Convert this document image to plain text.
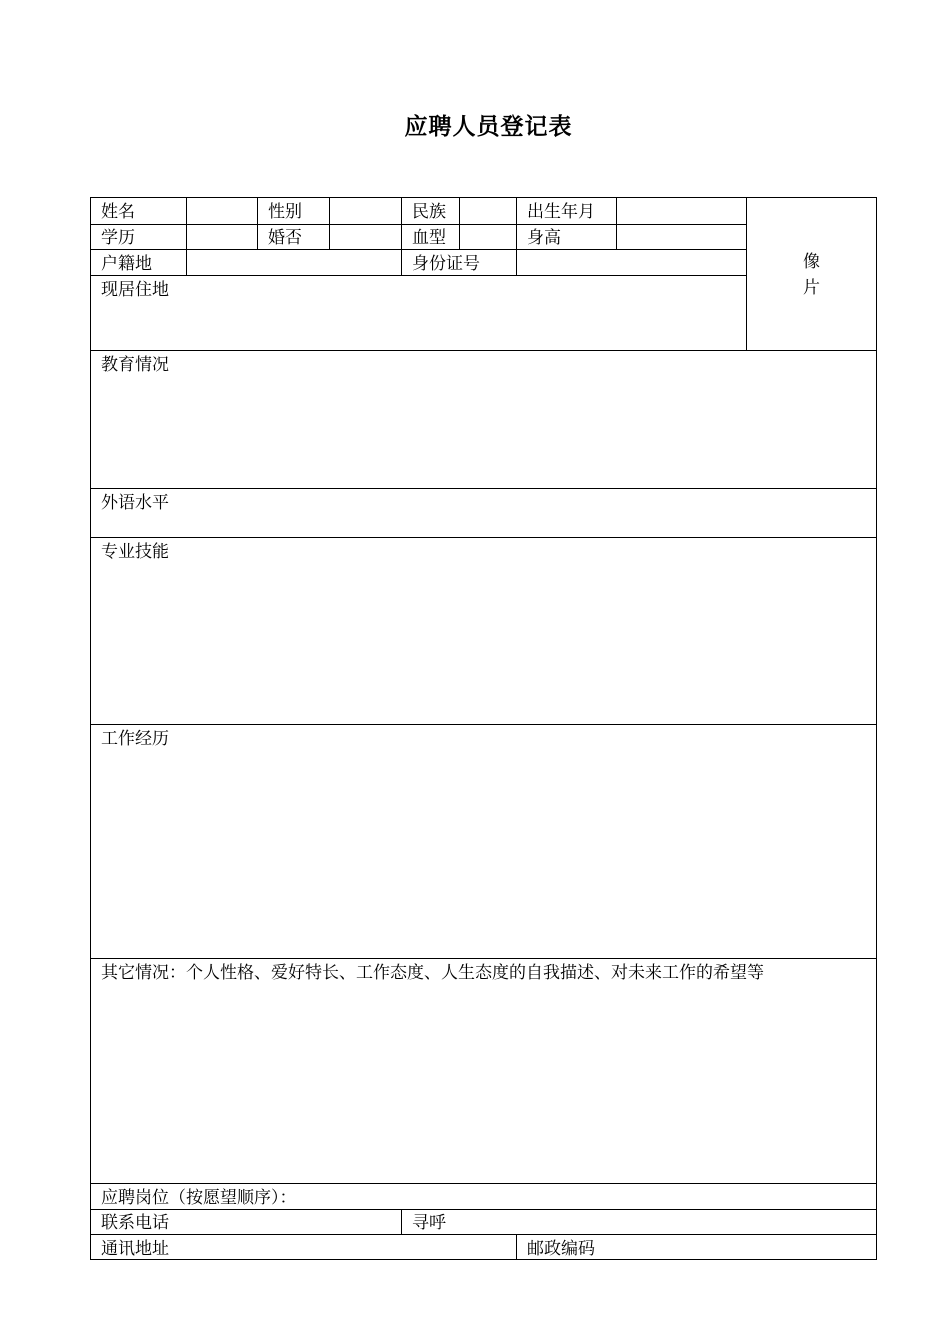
应聘人员登记表
姓名	性别	民族	出生年月
学历	婚否	血型	身高
户籍地	身份证号
现居住地
像
片
教育情况
外语水平
专业技能
工作经历
其它情况：个人性格、爱好特长、工作态度、人生态度的自我描述、对未来工作的希望等
应聘岗位（按愿望顺序）：
联系电话	寻呼
通讯地址	邮政编码
